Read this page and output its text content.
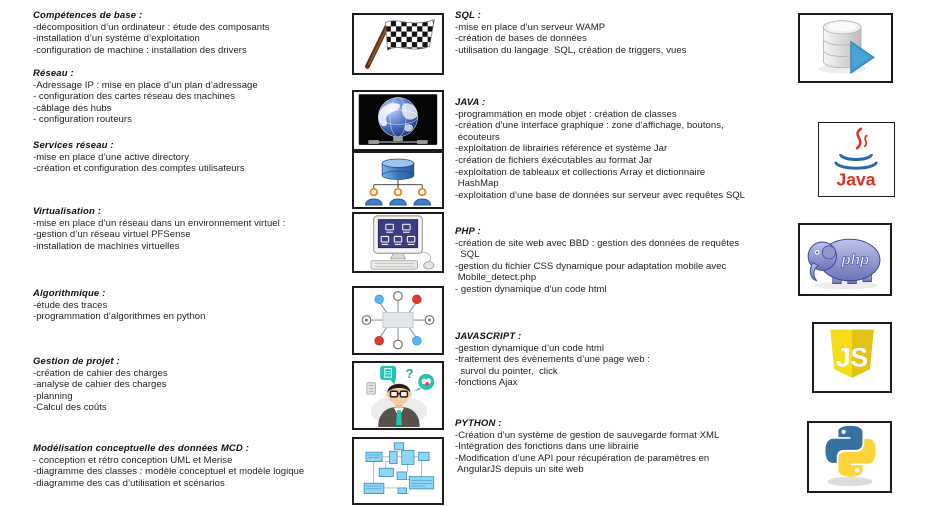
Compétences de base :
-décomposition d’un ordinateur : étude des composants
-installation d’un système d’exploitation
-configuration de machine : installation des drivers
Réseau :
-Adressage IP : mise en place d’un plan d’adressage
- configuration des cartes réseau des machines
-câblage des hubs
- configuration routeurs
Services réseau :
-mise en place d’une active directory
-création et configuration des comptes utilisateurs
Virtualisation :
-mise en place d’un réseau dans un environnement virtuel :
-gestion d’un réseau virtuel PFSense
-installation de machines virtuelles
Algorithmique :
-étude des traces
-programmation d’algorithmes en python
Gestion de projet :
-création de cahier des charges
-analyse de cahier des charges
-planning
-Calcul des coûts
Modélisation conceptuelle des données MCD :
- conception et rétro conception UML et Merise
-diagramme des classes : modèle conceptuel et modèle logique
-diagramme des cas d’utilisation et scénarios
SQL :
-mise en place d’un serveur WAMP
-création de bases de données
-utilisation du langage  SQL, création de triggers, vues
JAVA :
-programmation en mode objet : création de classes
-création d’une interface graphique : zone d’affichage, boutons,
écouteurs
-exploitation de librairies référence et système Jar
-création de fichiers éxécutables au format Jar
-exploitation de tableaux et collections Array et dictionnaire
HashMap
-exploitation d’une base de données sur serveur avec requêtes SQL
PHP :
-création de site web avec BBD : gestion des données de requêtes
SQL
-gestion du fichier CSS dynamique pour adaptation mobile avec
Mobile_detect.php
- gestion dynamique d’un code html
JAVASCRIPT :
-gestion dynamique d’un code html
-traitement des évènements d’une page web :
survol du pointer,  click
-fonctions Ajax
PYTHON :
-Création d’un système de gestion de sauvegarde format XML
-Intégration des fonctions dans une librairie
-Modification d’une API pour récupération de paramètres en
AngularJS depuis un site web
?
Java
php
JS
